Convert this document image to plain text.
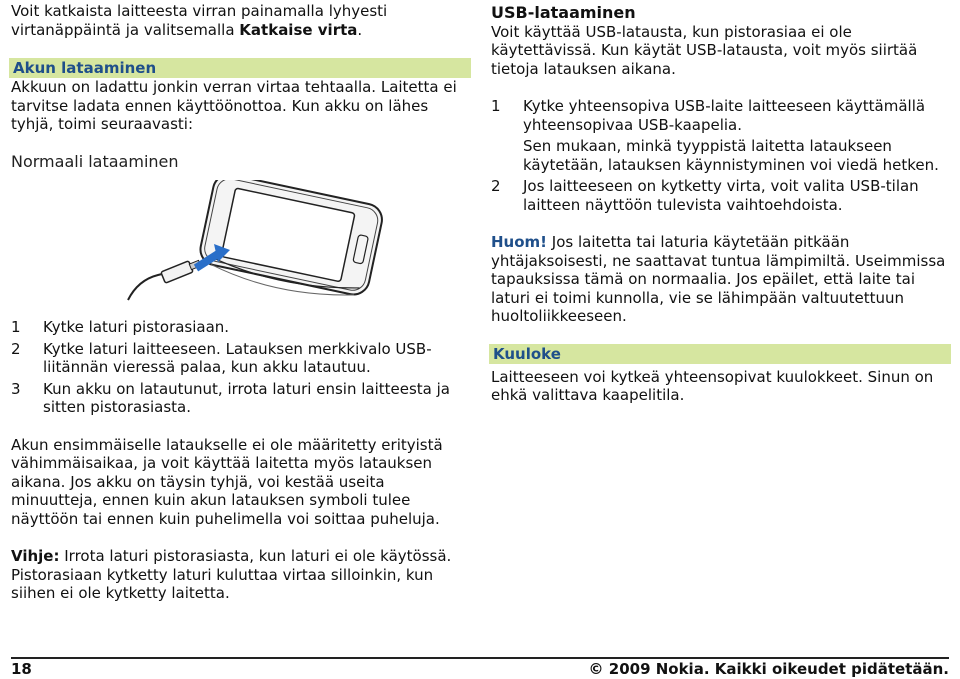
Voit katkaista laitteesta virran painamalla lyhyesti
virtanäppäintä ja valitsemalla Katkaise virta.

Akun lataaminen

Akkuun on ladattu jonkin verran virtaa tehtaalla. Laitetta ei tarvitse ladata ennen käyttöönottoa. Kun akku on lähes tyhjä, toimi seuraavasti:

Normaali lataaminen

1 Kytke laturi pistorasiaan.
2 Kytke laturi laitteeseen. Latauksen merkkivalo USB-liitännän vieressä palaa, kun akku latautuu.
3 Kun akku on latautunut, irrota laturi ensin laitteesta ja sitten pistorasiasta.

Akun ensimmäiselle lataukselle ei ole määritetty erityistä vähimmäisaikaa, ja voit käyttää laitetta myös latauksen aikana. Jos akku on täysin tyhjä, voi kestää useita minuutteja, ennen kuin akun latauksen symboli tulee näyttöön tai ennen kuin puhelimella voi soittaa puheluja.

Vihje: Irrota laturi pistorasiasta, kun laturi ei ole käytössä. Pistorasiaan kytketty laturi kuluttaa virtaa silloinkin, kun siihen ei ole kytketty laitetta.

USB-lataaminen

Voit käyttää USB-latausta, kun pistorasiaa ei ole käytettävissä. Kun käytät USB-latausta, voit myös siirtää tietoja latauksen aikana.

1 Kytke yhteensopiva USB-laite laitteeseen käyttämällä yhteensopivaa USB-kaapelia.

Sen mukaan, minkä tyyppistä laitetta lataukseen käytetään, latauksen käynnistyminen voi viedä hetken.

2 Jos laitteeseen on kytketty virta, voit valita USB-tilan laitteen näyttöön tulevista vaihtoehdoista.

Huom! Jos laitetta tai laturia käytetään pitkään yhtäjaksoisesti, ne saattavat tuntua lämpimiltä. Useimmissa tapauksissa tämä on normaalia. Jos epäilet, että laite tai laturi ei toimi kunnolla, vie se lähimpään valtuutettuun huoltoliikkeeseen.

Kuuloke

Laitteeseen voi kytkeä yhteensopivat kuulokkeet. Sinun on ehkä valittava kaapelitila.

18	© 2009 Nokia. Kaikki oikeudet pidätetään.
